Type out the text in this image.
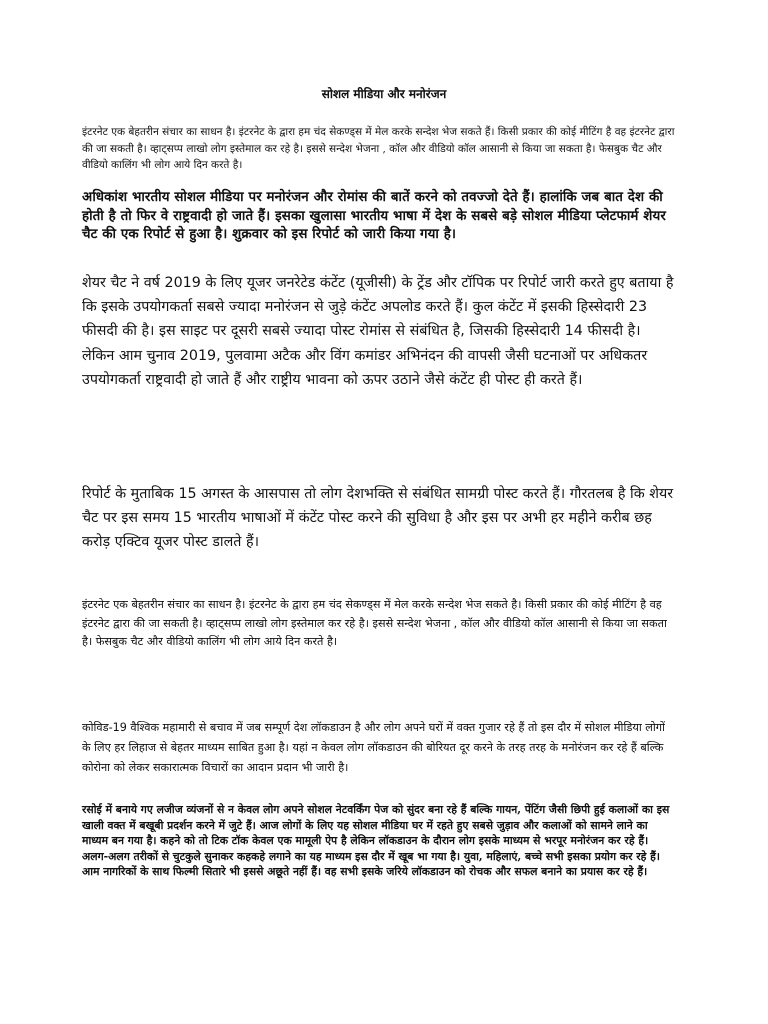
सोशल मीडिया और मनोरंजन

इंटरनेट एक बेहतरीन संचार का साधन है। इंटरनेट के द्वारा हम चंद सेकण्ड्स में मेल करके सन्देश भेज सकते हैं। किसी प्रकार की कोई मीटिंग है वह इंटरनेट द्वारा की जा सकती है। व्हाट्सप्प लाखो लोग इस्तेमाल कर रहे है। इससे सन्देश भेजना , कॉल और वीडियो कॉल आसानी से किया जा सकता है। फेसबुक चैट और वीडियो कालिंग भी लोग आये दिन करते है।

अधिकांश भारतीय सोशल मीडिया पर मनोरंजन और रोमांस की बातें करने को तवज्जो देते हैं। हालांकि जब बात देश की होती है तो फिर वे राष्ट्रवादी हो जाते हैं। इसका खुलासा भारतीय भाषा में देश के सबसे बड़े सोशल मीडिया प्लेटफार्म शेयर चैट की एक रिपोर्ट से हुआ है। शुक्रवार को इस रिपोर्ट को जारी किया गया है।

शेयर चैट ने वर्ष 2019 के लिए यूजर जनरेटेड कंटेंट (यूजीसी) के ट्रेंड और टॉपिक पर रिपोर्ट जारी करते हुए बताया है कि इसके उपयोगकर्ता सबसे ज्यादा मनोरंजन से जुड़े कंटेंट अपलोड करते हैं। कुल कंटेंट में इसकी हिस्सेदारी 23 फीसदी की है। इस साइट पर दूसरी सबसे ज्यादा पोस्ट रोमांस से संबंधित है, जिसकी हिस्सेदारी 14 फीसदी है। लेकिन आम चुनाव 2019, पुलवामा अटैक और विंग कमांडर अभिनंदन की वापसी जैसी घटनाओं पर अधिकतर उपयोगकर्ता राष्ट्रवादी हो जाते हैं और राष्ट्रीय भावना को ऊपर उठाने जैसे कंटेंट ही पोस्ट ही करते हैं।

रिपोर्ट के मुताबिक 15 अगस्त के आसपास तो लोग देशभक्ति से संबंधित सामग्री पोस्ट करते हैं। गौरतलब है कि शेयर चैट पर इस समय 15 भारतीय भाषाओं में कंटेंट पोस्ट करने की सुविधा है और इस पर अभी हर महीने करीब छह करोड़ एक्टिव यूजर पोस्ट डालते हैं।

इंटरनेट एक बेहतरीन संचार का साधन है। इंटरनेट के द्वारा हम चंद सेकण्ड्स में मेल करके सन्देश भेज सकते है। किसी प्रकार की कोई मीटिंग है वह इंटरनेट द्वारा की जा सकती है। व्हाट्सप्प लाखो लोग इस्तेमाल कर रहे है। इससे सन्देश भेजना , कॉल और वीडियो कॉल आसानी से किया जा सकता है। फेसबुक चैट और वीडियो कालिंग भी लोग आये दिन करते है।

कोविड-19 वैश्विक महामारी से बचाव में जब सम्पूर्ण देश लॉकडाउन है और लोग अपने घरों में वक्त गुजार रहे हैं तो इस दौर में सोशल मीडिया लोगों के लिए हर लिहाज से बेहतर माध्यम साबित हुआ है। यहां न केवल लोग लॉकडाउन की बोरियत दूर करने के तरह तरह के मनोरंजन कर रहे हैं बल्कि कोरोना को लेकर सकारात्मक विचारों का आदान प्रदान भी जारी है।

रसोई में बनाये गए लजीज व्यंजनों से न केवल लोग अपने सोशल नेटवर्किंग पेज को सुंदर बना रहे हैं बल्कि गायन, पेंटिंग जैसी छिपी हुई कलाओं का इस खाली वक्त में बखूबी प्रदर्शन करने में जुटे हैं। आज लोगों के लिए यह सोशल मीडिया घर में रहते हुए सबसे जुड़ाव और कलाओं को सामने लाने का माध्यम बन गया है। कहने को तो टिक टॉक केवल एक मामूली ऐप है लेकिन लॉकडाउन के दौरान लोग इसके माध्यम से भरपूर मनोरंजन कर रहे हैं। अलग-अलग तरीकों से चुटकुले सुनाकर कहकहे लगाने का यह माध्यम इस दौर में खूब भा गया है। युवा, महिलाएं, बच्चे सभी इसका प्रयोग कर रहे हैं। आम नागरिकों के साथ फिल्मी सितारे भी इससे अछूते नहीं हैं। वह सभी इसके जरिये लॉकडाउन को रोचक और सफल बनाने का प्रयास कर रहे हैं।
